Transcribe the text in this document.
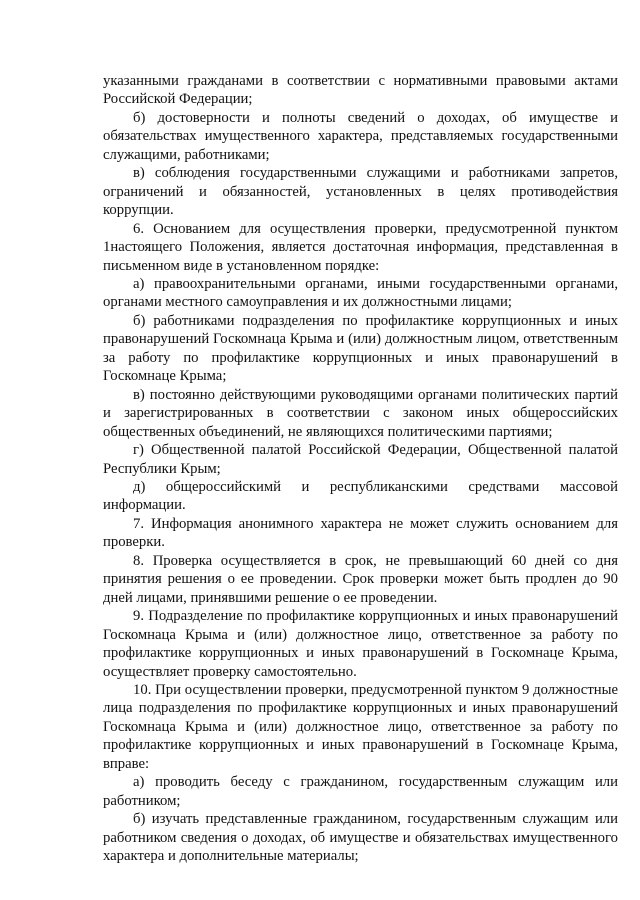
указанными гражданами в соответствии с нормативными правовыми актами Российской Федерации;

б) достоверности и полноты сведений о доходах, об имуществе и обязательствах имущественного характера, представляемых государственными служащими, работниками;

в) соблюдения государственными служащими и работниками запретов, ограничений и обязанностей, установленных в целях противодействия коррупции.

6. Основанием для осуществления проверки, предусмотренной пунктом 1настоящего Положения, является достаточная информация, представленная в письменном виде в установленном порядке:

а) правоохранительными органами, иными государственными органами, органами местного самоуправления и их должностными лицами;

б) работниками подразделения по профилактике коррупционных и иных правонарушений Госкомнаца Крыма и (или) должностным лицом, ответственным за работу по профилактике коррупционных и иных правонарушений в Госкомнаце Крыма;

в) постоянно действующими руководящими органами политических партий и зарегистрированных в соответствии с законом иных общероссийских общественных объединений, не являющихся политическими партиями;

г) Общественной палатой Российской Федерации, Общественной палатой Республики Крым;

д) общероссийскимй и республиканскими средствами массовой информации.

7. Информация анонимного характера не может служить основанием для проверки.

8. Проверка осуществляется в срок, не превышающий 60 дней со дня принятия решения о ее проведении. Срок проверки может быть продлен до 90 дней лицами, принявшими решение о ее проведении.

9. Подразделение по профилактике коррупционных и иных правонарушений Госкомнаца Крыма и (или) должностное лицо, ответственное за работу по профилактике коррупционных и иных правонарушений в Госкомнаце Крыма, осуществляет проверку самостоятельно.

10. При осуществлении проверки, предусмотренной пунктом 9 должностные лица подразделения по профилактике коррупционных и иных правонарушений Госкомнаца Крыма и (или) должностное лицо, ответственное за работу по профилактике коррупционных и иных правонарушений в Госкомнаце Крыма, вправе:

а) проводить беседу с гражданином, государственным служащим или работником;

б) изучать представленные гражданином, государственным служащим или работником сведения о доходах, об имуществе и обязательствах имущественного характера и дополнительные материалы;
